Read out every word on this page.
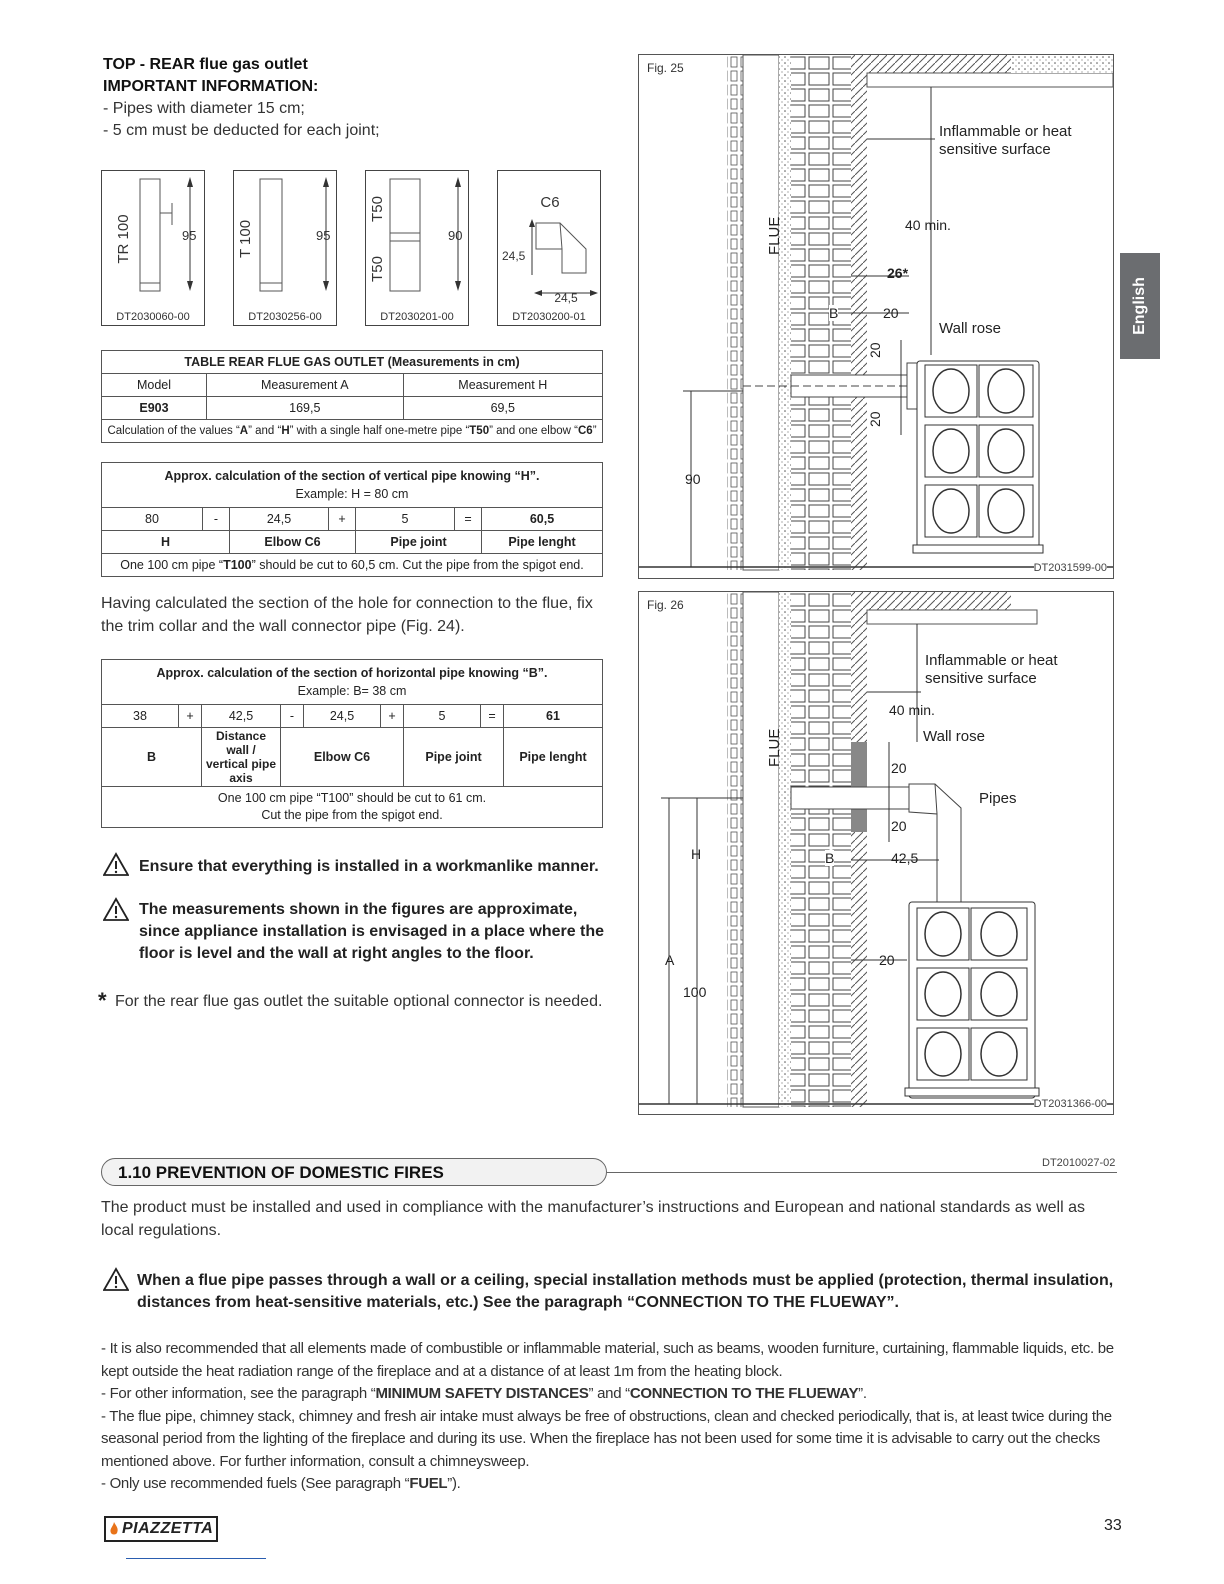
TOP - REAR flue gas outlet
IMPORTANT INFORMATION:
- Pipes with diameter 15 cm;
- 5 cm must be deducted for each joint;
TR 100	95
DT2030060-00
T 100	95
DT2030256-00
T50
T50
90
DT2030201-00
C6
24,5
24,5
DT2030200-01
TABLE REAR FLUE GAS OUTLET (Measurements in cm)		
Model	Measurement A	Measurement H
E903	169,5	69,5
Calculation of the values “A” and “H” with a single half one-metre pipe “T50” and one elbow “C6”		
Approx. calculation of the section of vertical pipe knowing “H”.
Example: H = 80 cm						

80	-	24,5	+	5	=	60,5
H		Elbow C6		Pipe joint		Pipe lenght
One 100 cm pipe “T100” should be cut to 60,5 cm. Cut the pipe from the spigot end.						
Having calculated the section of the hole for connection to the flue, fix the trim collar and the wall connector pipe (Fig. 24).
Approx. calculation of the section of horizontal pipe knowing “B”.
Example: B= 38 cm								

38	+	42,5	-	24,5	+	5	=	61
B		Distance wall / vertical pipe axis	Elbow C6			Pipe joint		Pipe lenght

One 100 cm pipe “T100” should be cut to 61 cm.
Cut the pipe from the spigot end.								
Ensure that everything is installed in a workmanlike manner.
The measurements shown in the figures are approximate, since appliance installation is envisaged in a place where the floor is level and the wall at right angles to the floor.
* For the rear flue gas outlet the suitable optional connector is needed.
20
20
FLUE
Fig. 25
Inflammable or heat sensitive surface
40 min.
26*
20
B
Wall rose
90
DT2031599-00
FLUE
Fig. 26
Inflammable or heat sensitive surface
40 min.
Wall rose
20
Pipes
20
H	B	42,5
A	20
100
DT2031366-00
English
DT2010027-02
1.10 PREVENTION OF DOMESTIC FIRES
The product must be installed and used in compliance with the manufacturer’s instructions and European and national standards as well as local regulations.
When a flue pipe passes through a wall or a ceiling, special installation methods must be applied (protection, thermal insulation, distances from heat-sensitive materials, etc.) See the paragraph “CONNECTION TO THE FLUEWAY”.
- It is also recommended that all elements made of combustible or inflammable material, such as beams, wooden furniture, curtaining, flammable liquids, etc. be kept outside the heat radiation range of the fireplace and at a distance of at least 1m from the heating block.
- For other information, see the paragraph “MINIMUM SAFETY DISTANCES” and “CONNECTION TO THE FLUEWAY”.
- The flue pipe, chimney stack, chimney and fresh air intake must always be free of obstructions, clean and checked periodically, that is, at least twice during the seasonal period from the lighting of the fireplace and during its use. When the fireplace has not been used for some time it is advisable to carry out the checks mentioned above. For further information, consult a chimneysweep.
- Only use recommended fuels (See paragraph “FUEL”).
PIAZZETTA	33
